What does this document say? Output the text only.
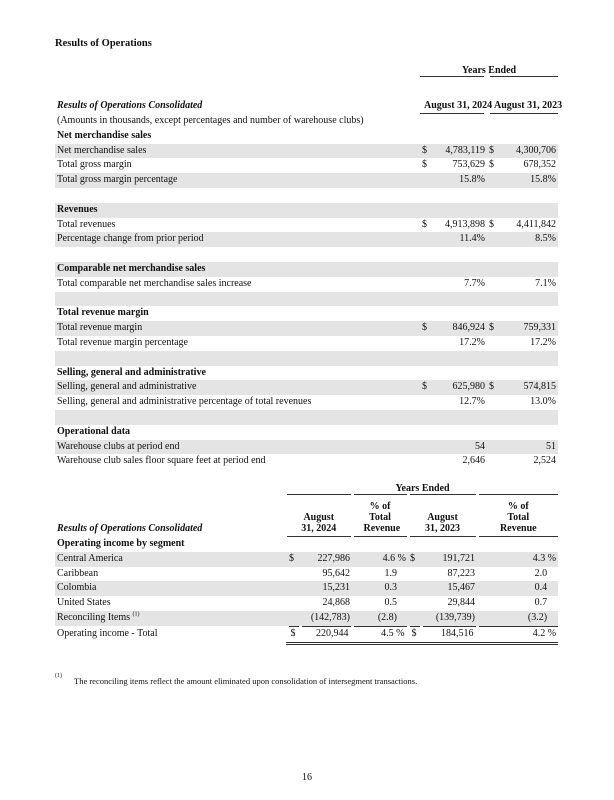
Results of Operations
	Years Ended			
Results of Operations Consolidated	August 31, 2024		August 31, 2023	
(Amounts in thousands, except percentages and number of warehouse clubs)				
Net merchandise sales				
Net merchandise sales	$	4,783,119	$	4,300,706
Total gross margin	$	753,629	$	678,352
Total gross margin percentage		15.8%		15.8%

Revenues				
Total revenues	$	4,913,898	$	4,411,842
Percentage change from prior period		11.4%		8.5%

Comparable net merchandise sales				
Total comparable net merchandise sales increase		7.7%		7.1%

Total revenue margin				
Total revenue margin	$	846,924	$	759,331
Total revenue margin percentage		17.2%		17.2%

Selling, general and administrative				
Selling, general and administrative	$	625,980	$	574,815
Selling, general and administrative percentage of total revenues		12.7%		13.0%

Operational data				
Warehouse clubs at period end		54		51
Warehouse club sales floor square feet at period end		2,646		2,524
	Years Ended					
Results of Operations Consolidated	August 31, 2024		% of Total Revenue	August 31, 2023		% of Total Revenue
Operating income by segment						
Central America	$	227,986	4.6 %	$	191,721	4.3 %
Caribbean		95,642	1.9		87,223	2.0
Colombia		15,231	0.3		15,467	0.4
United States		24,868	0.5		29,844	0.7
Reconciling Items $^{(1)}$		(142,783)	(2.8)		(139,739)	(3.2)
Operating income - Total	$	220,944	4.5 %	$	184,516	4.2 %
(1) The reconciling items reflect the amount eliminated upon consolidation of intersegment transactions.
16
